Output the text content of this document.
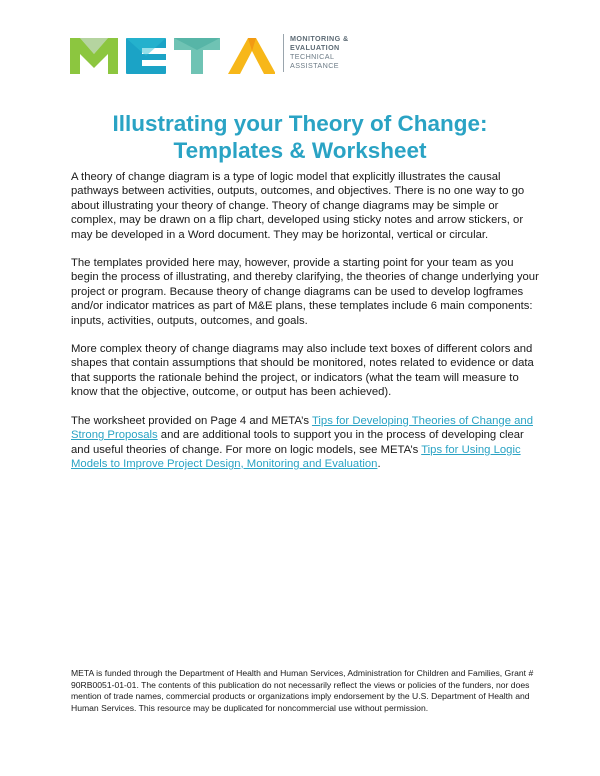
META	MONITORING &
EVALUATION
TECHNICAL
ASSISTANCE
Illustrating your Theory of Change:
Templates & Worksheet

A theory of change diagram is a type of logic model that explicitly illustrates the causal pathways between activities, outputs, outcomes, and objectives. There is no one way to go about illustrating your theory of change. Theory of change diagrams may be simple or complex, may be drawn on a flip chart, developed using sticky notes and arrow stickers, or may be developed in a Word document. They may be horizontal, vertical or circular.

The templates provided here may, however, provide a starting point for your team as you begin the process of illustrating, and thereby clarifying, the theories of change underlying your project or program. Because theory of change diagrams can be used to develop logframes and/or indicator matrices as part of M&E plans, these templates include 6 main components: inputs, activities, outputs, outcomes, and goals.

More complex theory of change diagrams may also include text boxes of different colors and shapes that contain assumptions that should be monitored, notes related to evidence or data that supports the rationale behind the project, or indicators (what the team will measure to know that the objective, outcome, or output has been achieved).

The worksheet provided on Page 4 and META’s Tips for Developing Theories of Change and Strong Proposals and are additional tools to support you in the process of developing clear and useful theories of change. For more on logic models, see META’s Tips for Using Logic Models to Improve Project Design, Monitoring and Evaluation.

META is funded through the Department of Health and Human Services, Administration for Children and Families, Grant # 90RB0051-01-01. The contents of this publication do not necessarily reflect the views or policies of the funders, nor does mention of trade names, commercial products or organizations imply endorsement by the U.S. Department of Health and Human Services. This resource may be duplicated for noncommercial use without permission.
